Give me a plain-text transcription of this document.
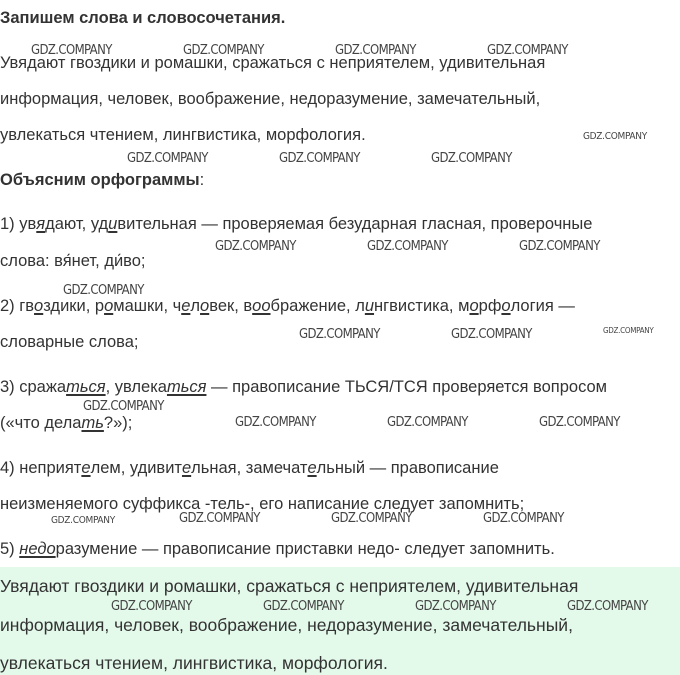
Запишем слова и словосочетания.
Увядают гвоздики и ромашки, сражаться с неприятелем, удивительная
информация, человек, воображение, недоразумение, замечательный,
увлекаться чтением, лингвистика, морфология.
Объясним орфограммы:
1) увядают, удивительная — проверяемая безударная гласная, проверочные
слова: вя́нет, ди́во;
2) гвоздики, ромашки, человек, воображение, лингвистика, морфология —
словарные слова;
3) сражаться, увлекаться — правописание ТЬСЯ/ТСЯ проверяется вопросом
(«что делать?»);
4) неприятелем, удивительная, замечательный — правописание
неизменяемого суффикса -тель-, его написание следует запомнить;
5) недоразумение — правописание приставки недо- следует запомнить.
Увядают гвоздики и ромашки, сражаться с неприятелем, удивительная
информация, человек, воображение, недоразумение, замечательный,
увлекаться чтением, лингвистика, морфология.
GDZ.COMPANY	GDZ.COMPANY	GDZ.COMPANY	GDZ.COMPANY
GDZ.COMPANY
GDZ.COMPANY	GDZ.COMPANY	GDZ.COMPANY
GDZ.COMPANY	GDZ.COMPANY	GDZ.COMPANY
GDZ.COMPANY
GDZ.COMPANY	GDZ.COMPANY	GDZ.COMPANY
GDZ.COMPANY
GDZ.COMPANY	GDZ.COMPANY	GDZ.COMPANY
GDZ.COMPANY	GDZ.COMPANY	GDZ.COMPANY	GDZ.COMPANY
GDZ.COMPANY	GDZ.COMPANY	GDZ.COMPANY	GDZ.COMPANY
